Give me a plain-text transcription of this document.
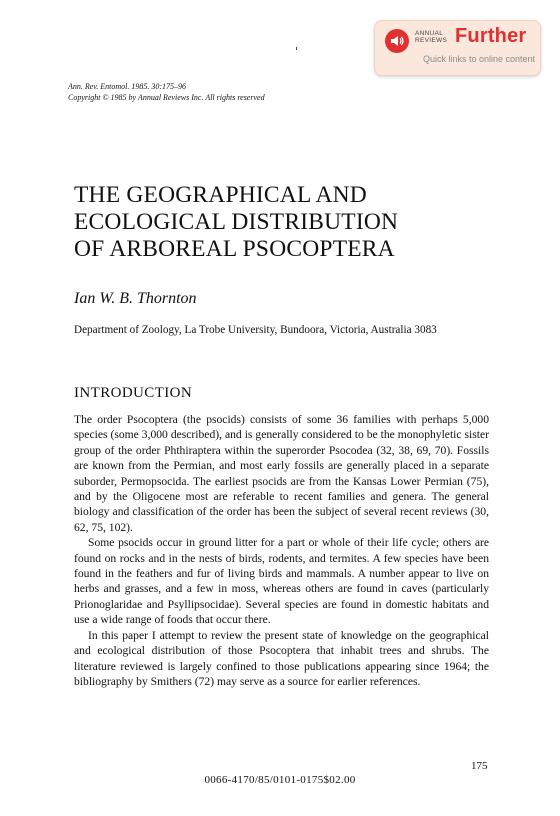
ANNUAL
REVIEWS Further
Quick links to online content
Ann. Rev. Entomol. 1985. 30:175–96
Copyright © 1985 by Annual Reviews Inc. All rights reserved
THE GEOGRAPHICAL AND
ECOLOGICAL DISTRIBUTION
OF ARBOREAL PSOCOPTERA
Ian W. B. Thornton
Department of Zoology, La Trobe University, Bundoora, Victoria, Australia 3083
INTRODUCTION

The order Psocoptera (the psocids) consists of some 36 families with perhaps 5,000 species (some 3,000 described), and is generally considered to be the monophyletic sister group of the order Phthiraptera within the superorder Psocodea (32, 38, 69, 70). Fossils are known from the Permian, and most early fossils are generally placed in a separate suborder, Permopsocida. The earliest psocids are from the Kansas Lower Permian (75), and by the Oligocene most are referable to recent families and genera. The general biology and classification of the order has been the subject of several recent reviews (30, 62, 75, 102).

Some psocids occur in ground litter for a part or whole of their life cycle; others are found on rocks and in the nests of birds, rodents, and termites. A few species have been found in the feathers and fur of living birds and mammals. A number appear to live on herbs and grasses, and a few in moss, whereas others are found in caves (particularly Prionoglaridae and Psyllipsocidae). Several species are found in domestic habitats and use a wide range of foods that occur there.

In this paper I attempt to review the present state of knowledge on the geographical and ecological distribution of those Psocoptera that inhabit trees and shrubs. The literature reviewed is largely confined to those publications appearing since 1964; the bibliography by Smithers (72) may serve as a source for earlier references.

175
0066-4170/85/0101-0175$02.00
